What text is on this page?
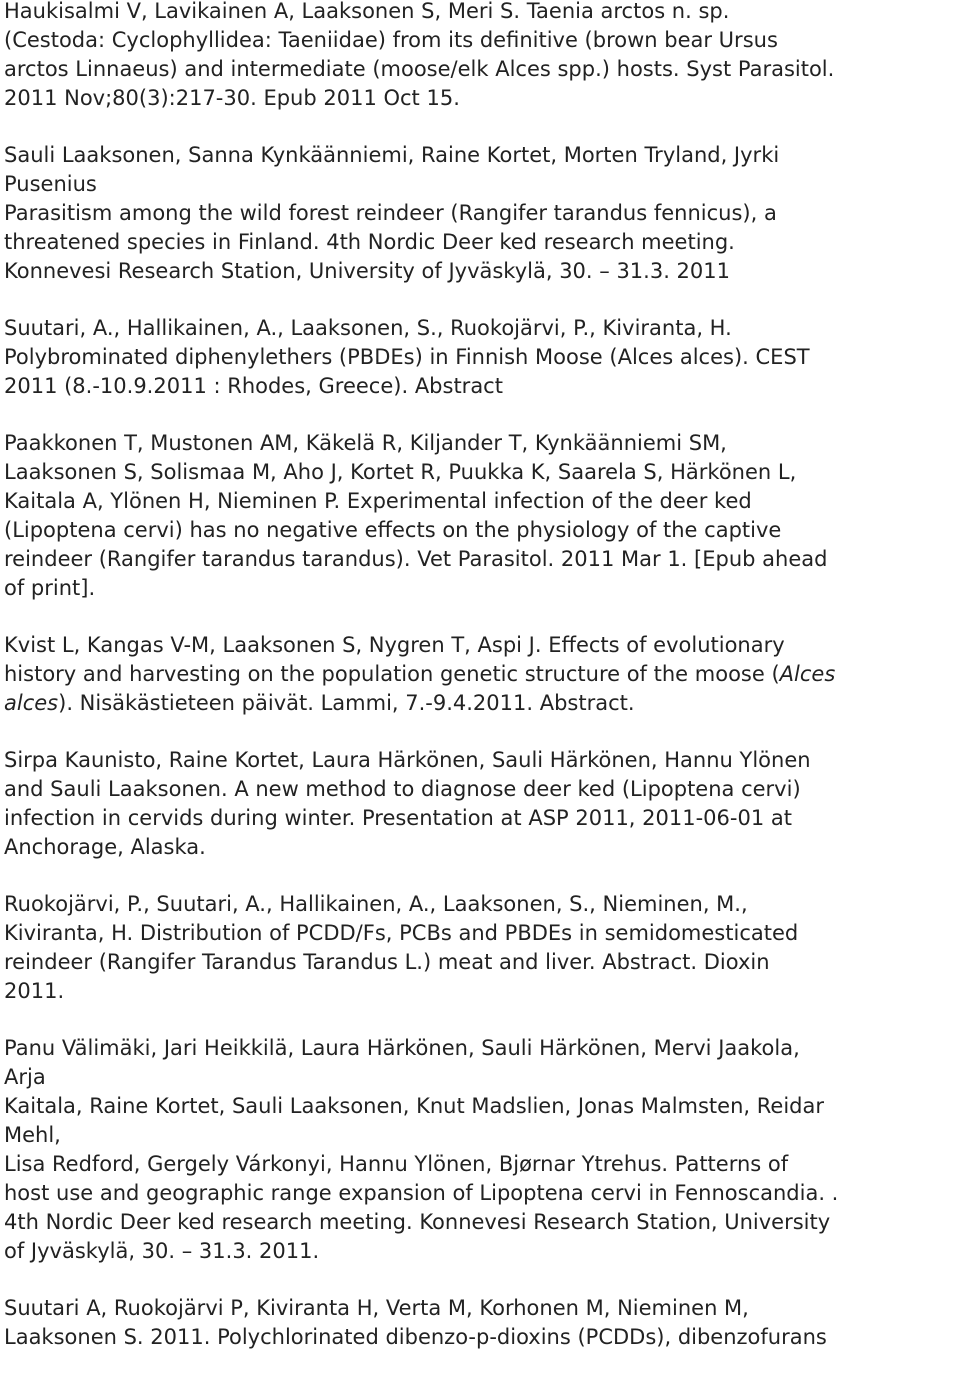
Haukisalmi V, Lavikainen A, Laaksonen S, Meri S. Taenia arctos n. sp.
(Cestoda: Cyclophyllidea: Taeniidae) from its definitive (brown bear Ursus
arctos Linnaeus) and intermediate (moose/elk Alces spp.) hosts. Syst Parasitol.
2011 Nov;80(3):217-30. Epub 2011 Oct 15.
Sauli Laaksonen, Sanna Kynkäänniemi, Raine Kortet, Morten Tryland, Jyrki
Pusenius
Parasitism among the wild forest reindeer (Rangifer tarandus fennicus), a
threatened species in Finland. 4th Nordic Deer ked research meeting.
Konnevesi Research Station, University of Jyväskylä, 30. – 31.3. 2011
Suutari, A., Hallikainen, A., Laaksonen, S., Ruokojärvi, P., Kiviranta, H.
Polybrominated diphenylethers (PBDEs) in Finnish Moose (Alces alces). CEST
2011 (8.-10.9.2011 : Rhodes, Greece). Abstract
Paakkonen T, Mustonen AM, Käkelä R, Kiljander T, Kynkäänniemi SM,
Laaksonen S, Solismaa M, Aho J, Kortet R, Puukka K, Saarela S, Härkönen L,
Kaitala A, Ylönen H, Nieminen P. Experimental infection of the deer ked
(Lipoptena cervi) has no negative effects on the physiology of the captive
reindeer (Rangifer tarandus tarandus). Vet Parasitol. 2011 Mar 1. [Epub ahead
of print].
Kvist L, Kangas V-M, Laaksonen S, Nygren T, Aspi J. Effects of evolutionary
history and harvesting on the population genetic structure of the moose (Alces
alces). Nisäkästieteen päivät. Lammi, 7.-9.4.2011. Abstract.
Sirpa Kaunisto, Raine Kortet, Laura Härkönen, Sauli Härkönen, Hannu Ylönen
and Sauli Laaksonen. A new method to diagnose deer ked (Lipoptena cervi)
infection in cervids during winter. Presentation at ASP 2011, 2011-06-01 at
Anchorage, Alaska.
Ruokojärvi, P., Suutari, A., Hallikainen, A., Laaksonen, S., Nieminen, M.,
Kiviranta, H. Distribution of PCDD/Fs, PCBs and PBDEs in semidomesticated
reindeer (Rangifer Tarandus Tarandus L.) meat and liver. Abstract. Dioxin
2011.
Panu Välimäki, Jari Heikkilä, Laura Härkönen, Sauli Härkönen, Mervi Jaakola,
Arja
Kaitala, Raine Kortet, Sauli Laaksonen, Knut Madslien, Jonas Malmsten, Reidar
Mehl,
Lisa Redford, Gergely Várkonyi, Hannu Ylönen, Bjørnar Ytrehus. Patterns of
host use and geographic range expansion of Lipoptena cervi in Fennoscandia. .
4th Nordic Deer ked research meeting. Konnevesi Research Station, University
of Jyväskylä, 30. – 31.3. 2011.
Suutari A, Ruokojärvi P, Kiviranta H, Verta M, Korhonen M, Nieminen M,
Laaksonen S. 2011. Polychlorinated dibenzo-p-dioxins (PCDDs), dibenzofurans
